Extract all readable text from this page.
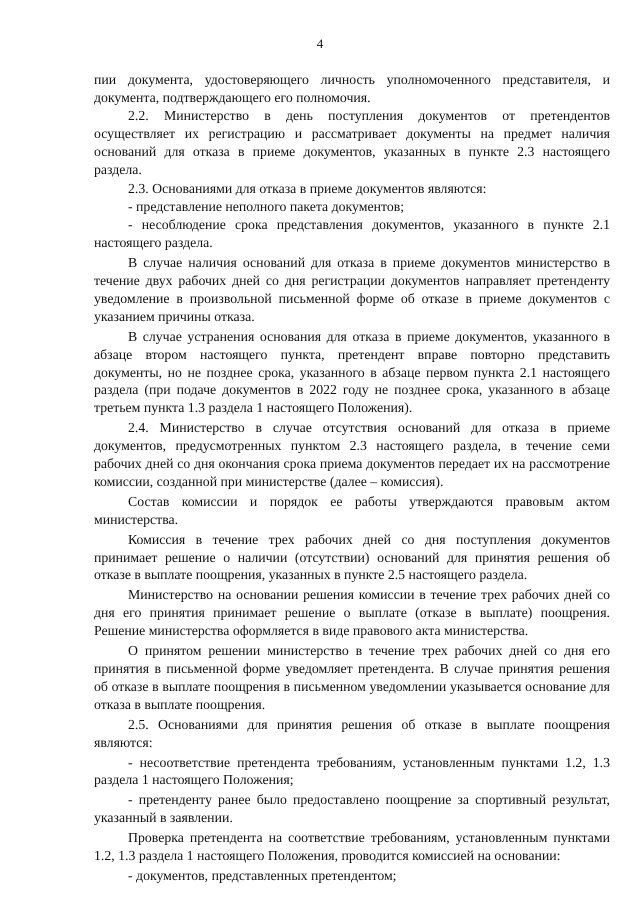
4

пии документа, удостоверяющего личность уполномоченного представителя, и документа, подтверждающего его полномочия.

2.2. Министерство в день поступления документов от претендентов осуществляет их регистрацию и рассматривает документы на предмет наличия оснований для отказа в приеме документов, указанных в пункте 2.3 настоящего раздела.

2.3. Основаниями для отказа в приеме документов являются:

- представление неполного пакета документов;

- несоблюдение срока представления документов, указанного в пункте 2.1 настоящего раздела.

В случае наличия оснований для отказа в приеме документов министерство в течение двух рабочих дней со дня регистрации документов направляет претенденту уведомление в произвольной письменной форме об отказе в приеме документов с указанием причины отказа.

В случае устранения основания для отказа в приеме документов, указанного в абзаце втором настоящего пункта, претендент вправе повторно представить документы, но не позднее срока, указанного в абзаце первом пункта 2.1 настоящего раздела (при подаче документов в 2022 году не позднее срока, указанного в абзаце третьем пункта 1.3 раздела 1 настоящего Положения).

2.4. Министерство в случае отсутствия оснований для отказа в приеме документов, предусмотренных пунктом 2.3 настоящего раздела, в течение семи рабочих дней со дня окончания срока приема документов передает их на рассмотрение комиссии, созданной при министерстве (далее – комиссия).

Состав комиссии и порядок ее работы утверждаются правовым актом министерства.

Комиссия в течение трех рабочих дней со дня поступления документов принимает решение о наличии (отсутствии) оснований для принятия решения об отказе в выплате поощрения, указанных в пункте 2.5 настоящего раздела.

Министерство на основании решения комиссии в течение трех рабочих дней со дня его принятия принимает решение о выплате (отказе в выплате) поощрения. Решение министерства оформляется в виде правового акта министерства.

О принятом решении министерство в течение трех рабочих дней со дня его принятия в письменной форме уведомляет претендента. В случае принятия решения об отказе в выплате поощрения в письменном уведомлении указывается основание для отказа в выплате поощрения.

2.5. Основаниями для принятия решения об отказе в выплате поощрения являются:

- несоответствие претендента требованиям, установленным пунктами 1.2, 1.3 раздела 1 настоящего Положения;

- претенденту ранее было предоставлено поощрение за спортивный результат, указанный в заявлении.

Проверка претендента на соответствие требованиям, установленным пунктами 1.2, 1.3 раздела 1 настоящего Положения, проводится комиссией на основании:

- документов, представленных претендентом;
